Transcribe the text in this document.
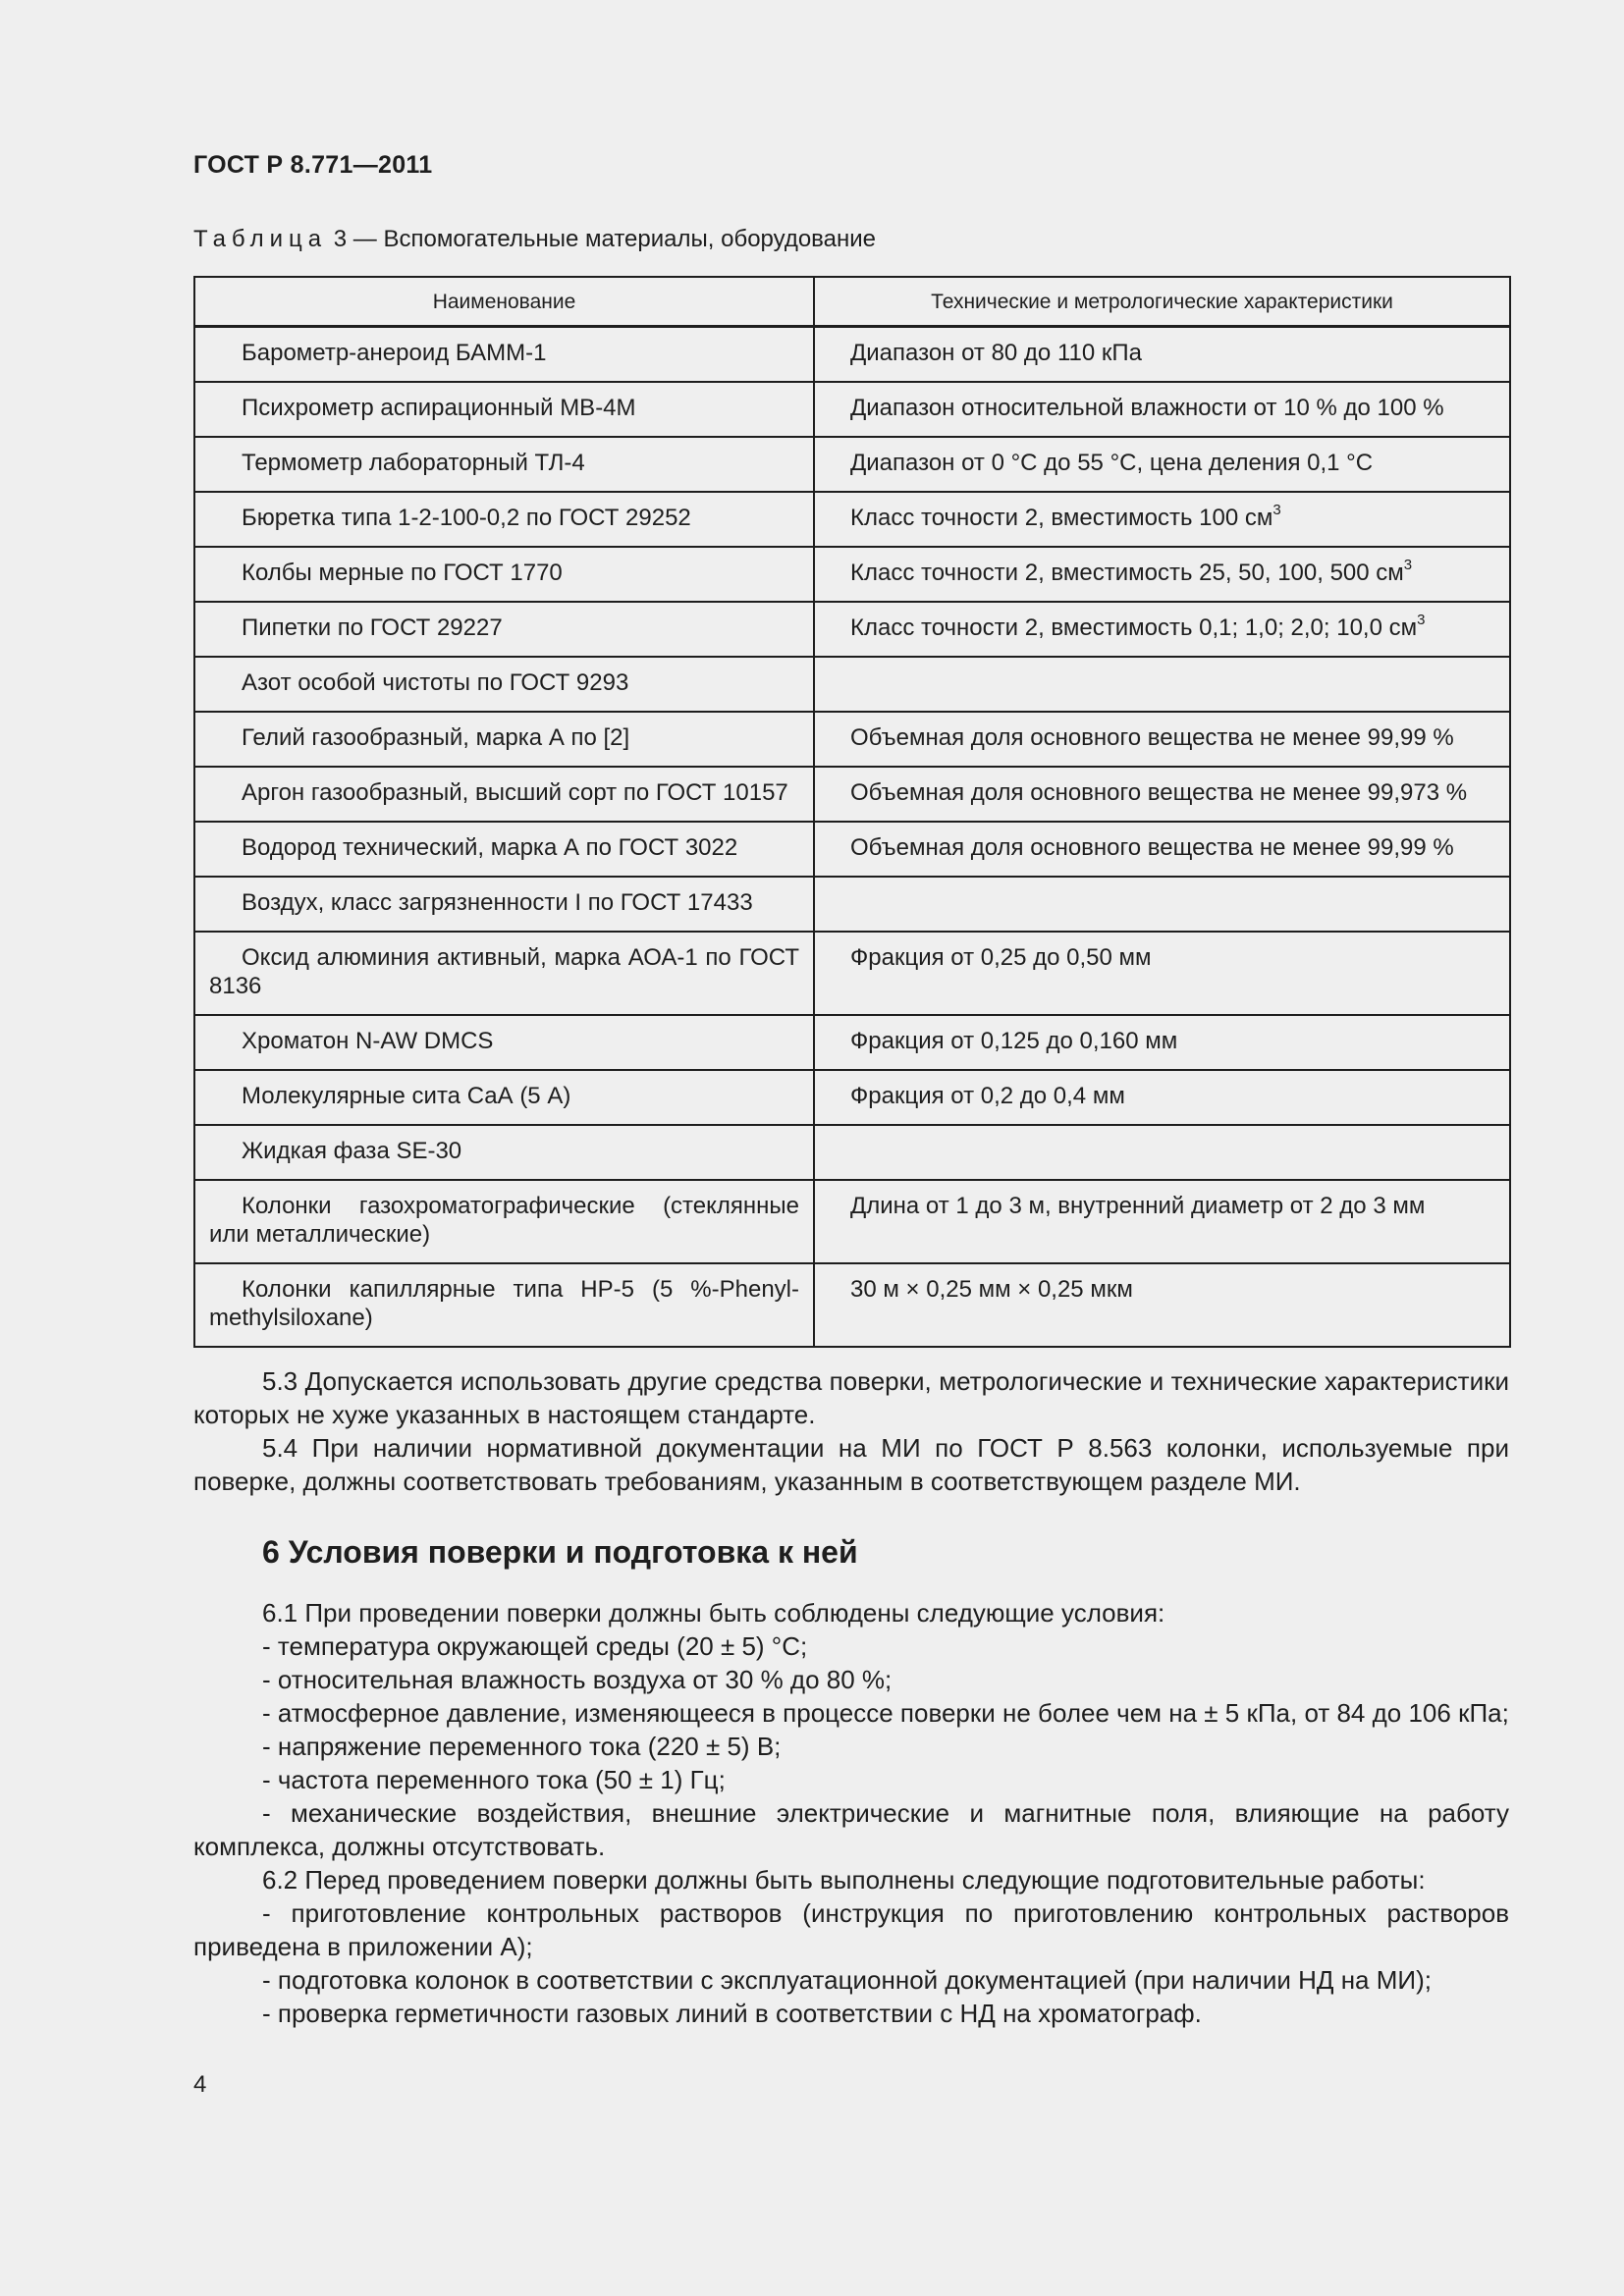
ГОСТ Р 8.771—2011
Таблица 3 — Вспомогательные материалы, оборудование
Наименование	Технические и метрологические характеристики
Барометр-анероид БАММ-1	Диапазон от 80 до 110 кПа
Психрометр аспирационный МВ-4М	Диапазон относительной влажности от 10 % до 100 %
Термометр лабораторный ТЛ-4	Диапазон от 0 °С до 55 °С, цена деления 0,1 °С
Бюретка типа 1-2-100-0,2 по ГОСТ 29252	Класс точности 2, вместимость 100 $см^3$
Колбы мерные по ГОСТ 1770	Класс точности 2, вместимость 25, 50, 100, 500 $см^3$
Пипетки по ГОСТ 29227	Класс точности 2, вместимость 0,1; 1,0; 2,0; 10,0 $см^3$
Азот особой чистоты по ГОСТ 9293	
Гелий газообразный, марка А по [2]	Объемная доля основного вещества не менее 99,99 %
Аргон газообразный, высший сорт по ГОСТ 10157	Объемная доля основного вещества не менее 99,973 %
Водород технический, марка А по ГОСТ 3022	Объемная доля основного вещества не менее 99,99 %
Воздух, класс загрязненности I по ГОСТ 17433	
Оксид алюминия активный, марка АОА-1 по ГОСТ 8136	Фракция от 0,25 до 0,50 мм
Хроматон N-AW DMCS	Фракция от 0,125 до 0,160 мм
Молекулярные сита СаА (5 А)	Фракция от 0,2 до 0,4 мм
Жидкая фаза SE-30	
Колонки газохроматографические (стеклянные или металлические)	Длина от 1 до 3 м, внутренний диаметр от 2 до 3 мм
Колонки капиллярные типа HP-5 (5 %-Phenyl-methylsiloxane)	30 м × 0,25 мм × 0,25 мкм

5.3 Допускается использовать другие средства поверки, метрологические и технические характеристики которых не хуже указанных в настоящем стандарте.

5.4 При наличии нормативной документации на МИ по ГОСТ Р 8.563 колонки, используемые при поверке, должны соответствовать требованиям, указанным в соответствующем разделе МИ.

6 Условия поверки и подготовка к ней

6.1 При проведении поверки должны быть соблюдены следующие условия:

- температура окружающей среды (20 ± 5) °С;

- относительная влажность воздуха от 30 % до 80 %;

- атмосферное давление, изменяющееся в процессе поверки не более чем на ± 5 кПа, от 84 до 106 кПа;

- напряжение переменного тока (220 ± 5) В;

- частота переменного тока (50 ± 1) Гц;

- механические воздействия, внешние электрические и магнитные поля, влияющие на работу комплекса, должны отсутствовать.

6.2 Перед проведением поверки должны быть выполнены следующие подготовительные работы:

- приготовление контрольных растворов (инструкция по приготовлению контрольных растворов приведена в приложении А);

- подготовка колонок в соответствии с эксплуатационной документацией (при наличии НД на МИ);

- проверка герметичности газовых линий в соответствии с НД на хроматограф.

4
